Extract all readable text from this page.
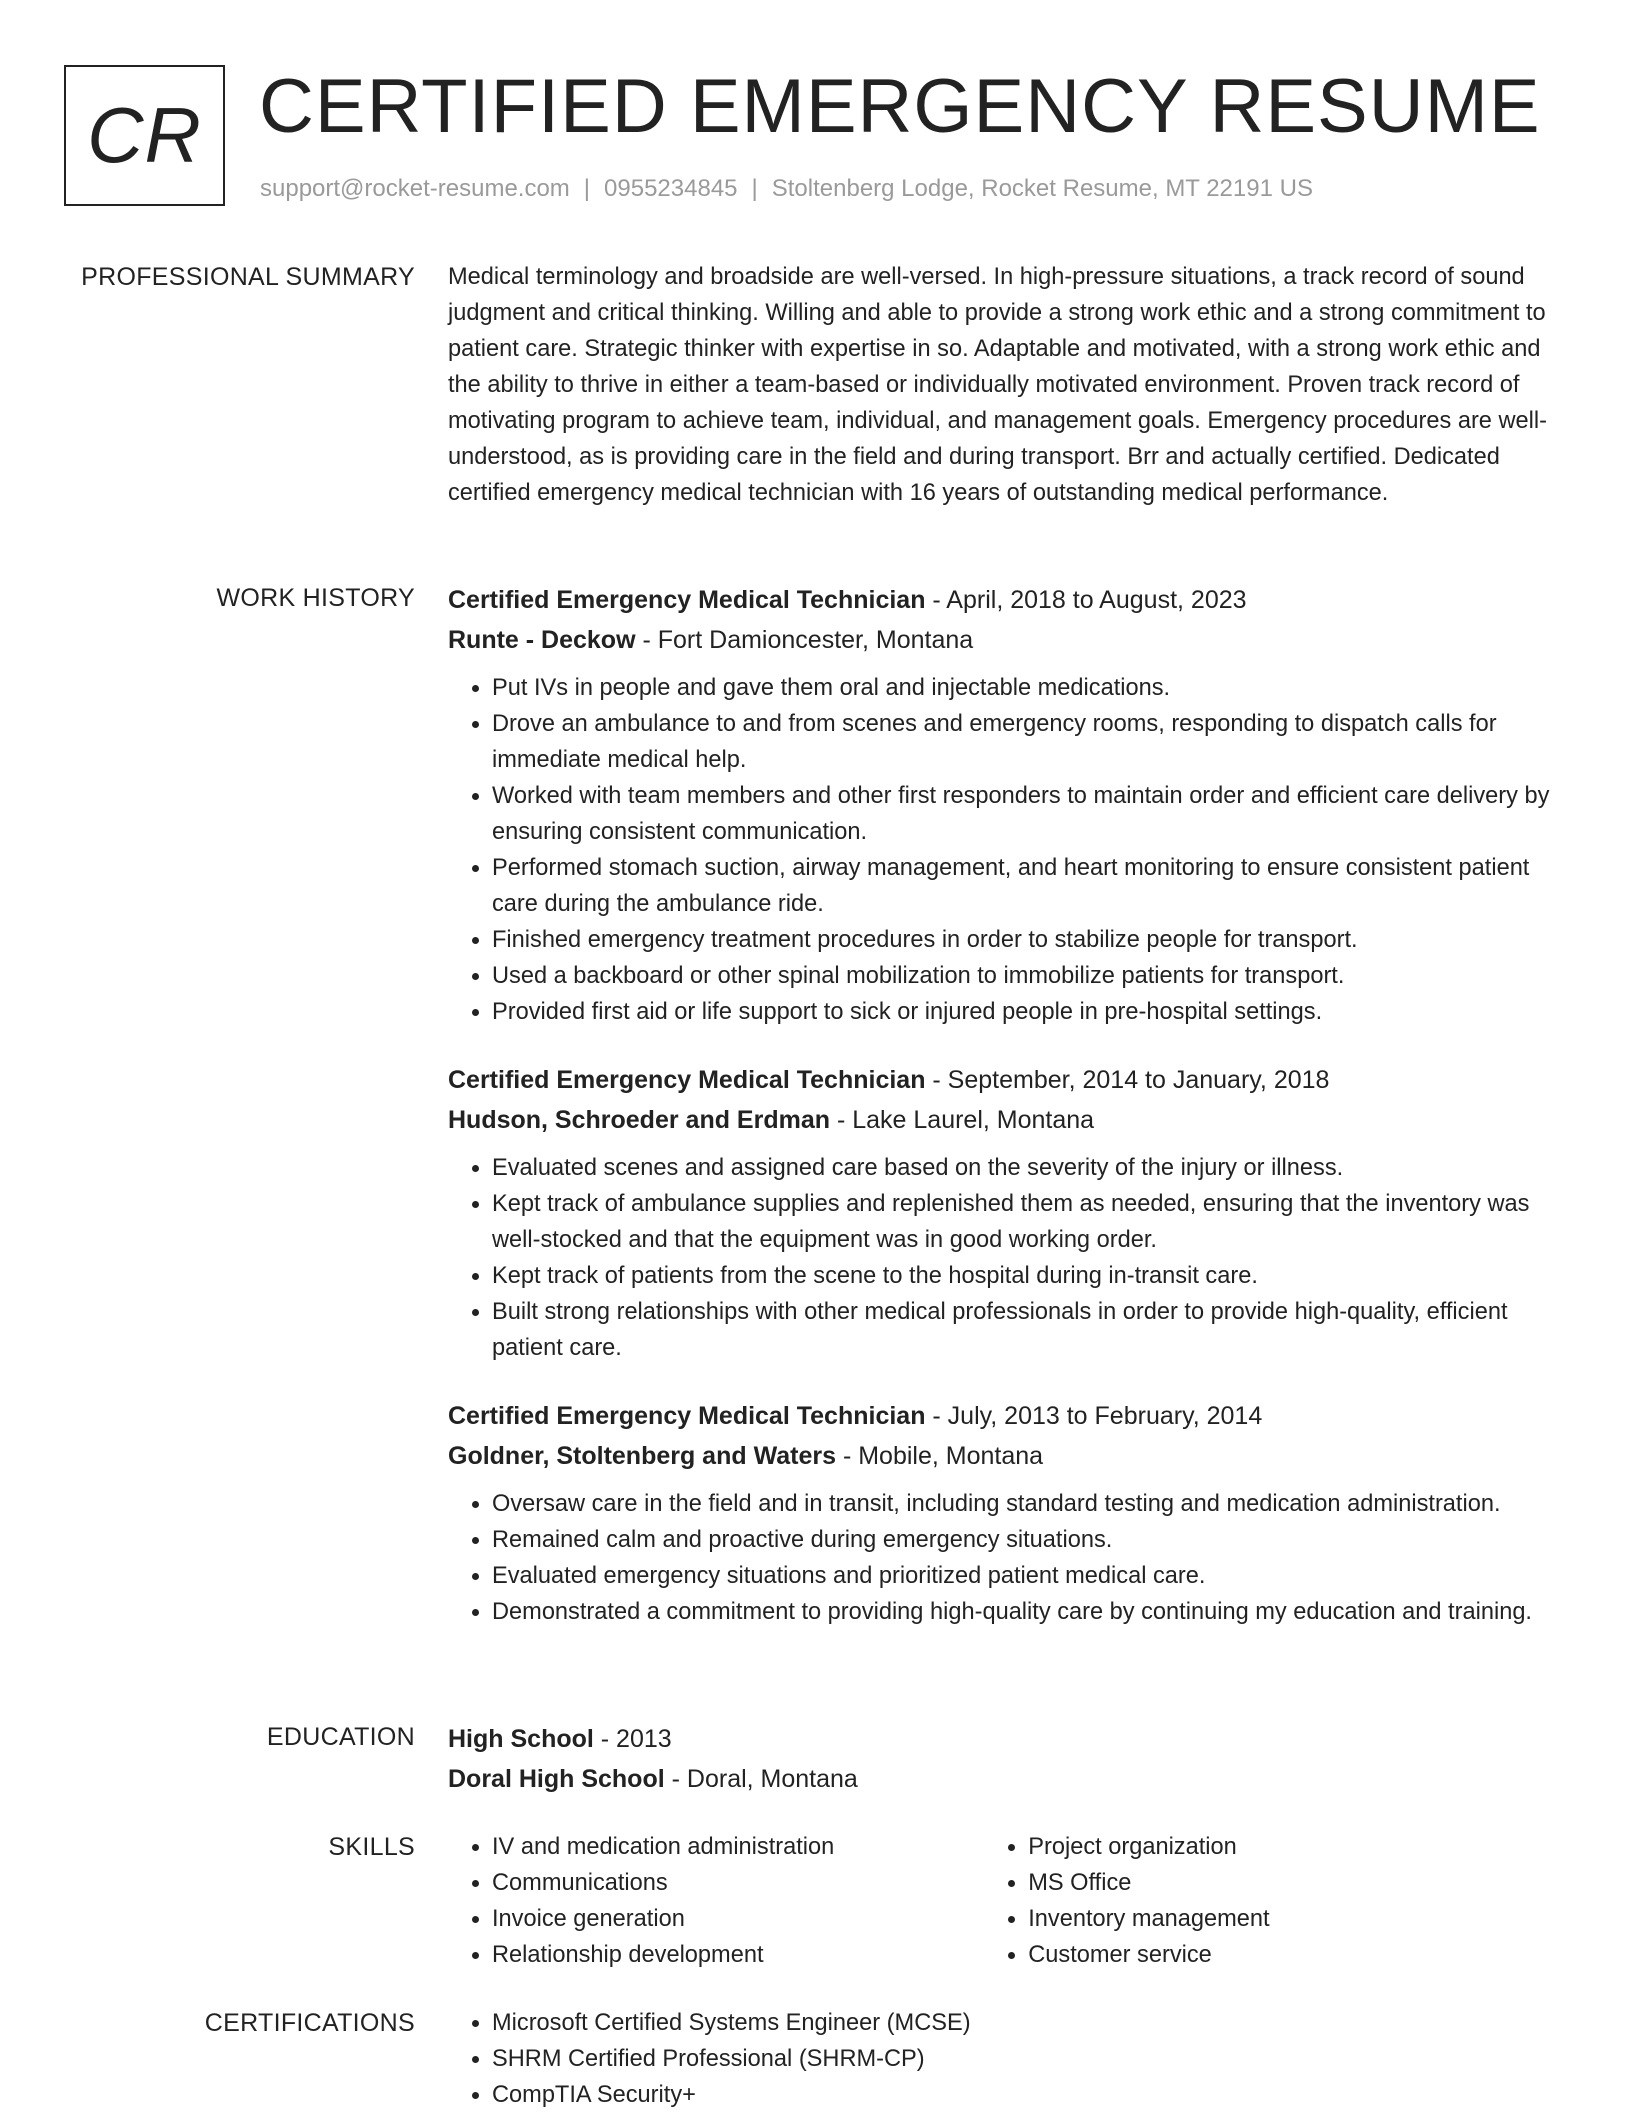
CR CERTIFIED EMERGENCY RESUME
support@rocket-resume.com | 0955234845 | Stoltenberg Lodge, Rocket Resume, MT 22191 US
PROFESSIONAL SUMMARY Medical terminology and broadside are well-versed. In high-pressure situations, a track record of sound judgment and critical thinking. Willing and able to provide a strong work ethic and a strong commitment to patient care. Strategic thinker with expertise in so. Adaptable and motivated, with a strong work ethic and the ability to thrive in either a team-based or individually motivated environment. Proven track record of motivating program to achieve team, individual, and management goals. Emergency procedures are well-understood, as is providing care in the field and during transport. Brr and actually certified. Dedicated certified emergency medical technician with 16 years of outstanding medical performance.

WORK HISTORY Certified Emergency Medical Technician - April, 2018 to August, 2023
Runte - Deckow - Fort Damioncester, Montana
• Put IVs in people and gave them oral and injectable medications.
• Drove an ambulance to and from scenes and emergency rooms, responding to dispatch calls for immediate medical help.
• Worked with team members and other first responders to maintain order and efficient care delivery by ensuring consistent communication.
• Performed stomach suction, airway management, and heart monitoring to ensure consistent patient care during the ambulance ride.
• Finished emergency treatment procedures in order to stabilize people for transport.
• Used a backboard or other spinal mobilization to immobilize patients for transport.
• Provided first aid or life support to sick or injured people in pre-hospital settings.
Certified Emergency Medical Technician - September, 2014 to January, 2018
Hudson, Schroeder and Erdman - Lake Laurel, Montana
• Evaluated scenes and assigned care based on the severity of the injury or illness.
• Kept track of ambulance supplies and replenished them as needed, ensuring that the inventory was well-stocked and that the equipment was in good working order.
• Kept track of patients from the scene to the hospital during in-transit care.
• Built strong relationships with other medical professionals in order to provide high-quality, efficient patient care.
Certified Emergency Medical Technician - July, 2013 to February, 2014
Goldner, Stoltenberg and Waters - Mobile, Montana
• Oversaw care in the field and in transit, including standard testing and medication administration.
• Remained calm and proactive during emergency situations.
• Evaluated emergency situations and prioritized patient medical care.
• Demonstrated a commitment to providing high-quality care by continuing my education and training.
EDUCATION High School - 2013
Doral High School - Doral, Montana
SKILLS	• IV and medication administration
• Communications
• Invoice generation
• Relationship development
• Project organization
• MS Office
• Inventory management
• Customer service
CERTIFICATIONS	• Microsoft Certified Systems Engineer (MCSE)
• SHRM Certified Professional (SHRM-CP)
• CompTIA Security+
